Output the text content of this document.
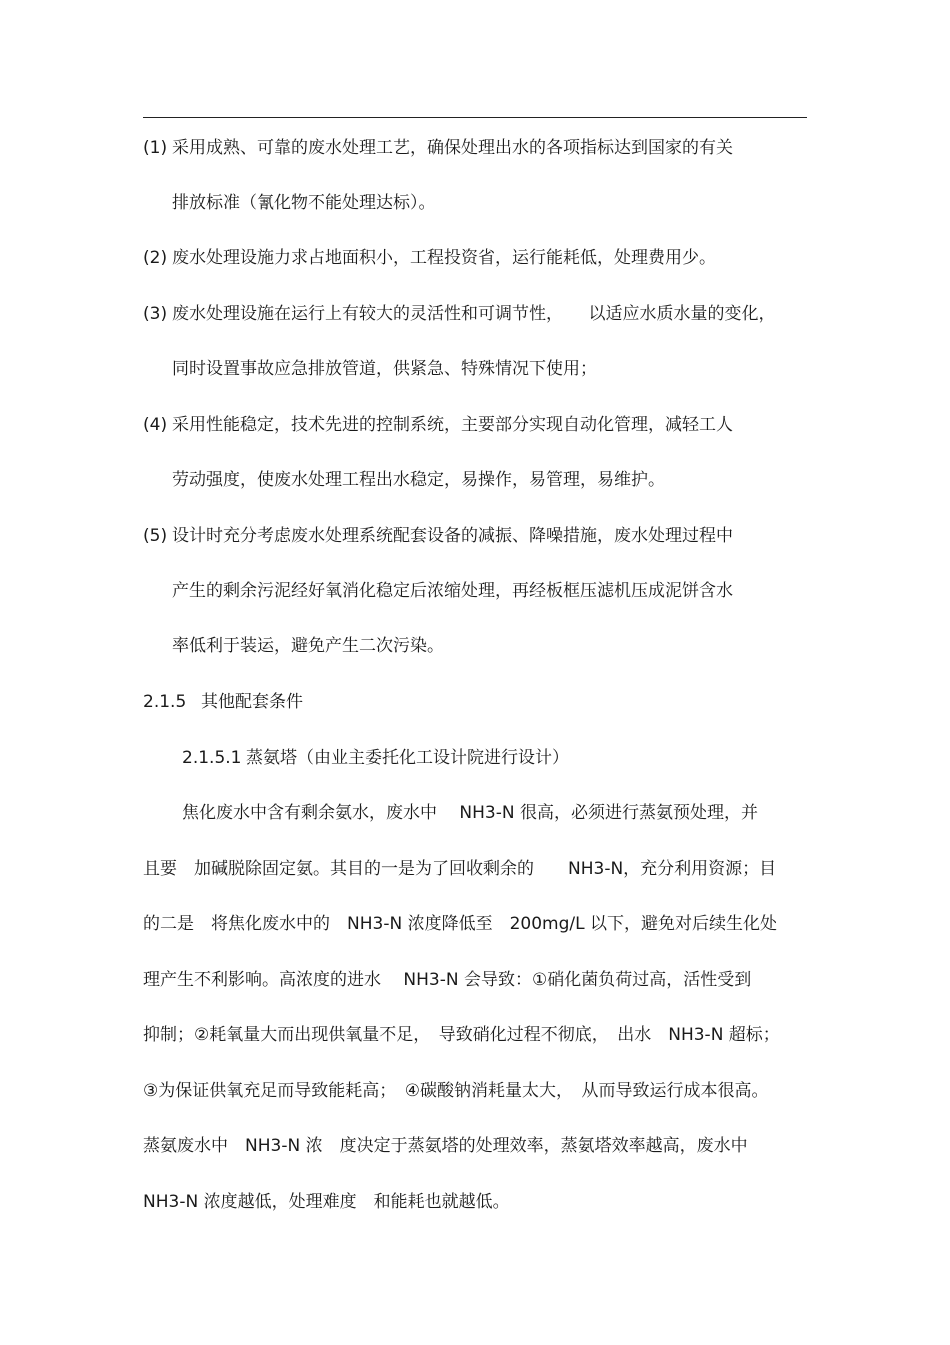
(1) 采用成熟、可靠的废水处理工艺，确保处理出水的各项指标达到国家的有关
排放标准（氰化物不能处理达标）。
(2) 废水处理设施力求占地面积小，工程投资省，运行能耗低，处理费用少。
(3) 废水处理设施在运行上有较大的灵活性和可调节性，　　以适应水质水量的变化，
同时设置事故应急排放管道，供紧急、特殊情况下使用；
(4) 采用性能稳定，技术先进的控制系统，主要部分实现自动化管理，减轻工人
劳动强度，使废水处理工程出水稳定，易操作，易管理，易维护。
(5) 设计时充分考虑废水处理系统配套设备的减振、降噪措施，废水处理过程中
产生的剩余污泥经好氧消化稳定后浓缩处理，再经板框压滤机压成泥饼含水
率低利于装运，避免产生二次污染。
2.1.5 其他配套条件
2.1.5.1 蒸氨塔（由业主委托化工设计院进行设计）
焦化废水中含有剩余氨水，废水中　 NH3-N 很高，必须进行蒸氨预处理，并
且要　加碱脱除固定氨。其目的一是为了回收剩余的　　NH3-N，充分利用资源；目
的二是　将焦化废水中的　NH3-N 浓度降低至　200mg/L 以下，避免对后续生化处
理产生不利影响。高浓度的进水　 NH3-N 会导致：①硝化菌负荷过高，活性受到
抑制；②耗氧量大而出现供氧量不足，　导致硝化过程不彻底，　出水　NH3-N 超标；
③为保证供氧充足而导致能耗高；　④碳酸钠消耗量太大，　从而导致运行成本很高。
蒸氨废水中　NH3-N 浓　度决定于蒸氨塔的处理效率，蒸氨塔效率越高，废水中
NH3-N 浓度越低，处理难度　和能耗也就越低。
